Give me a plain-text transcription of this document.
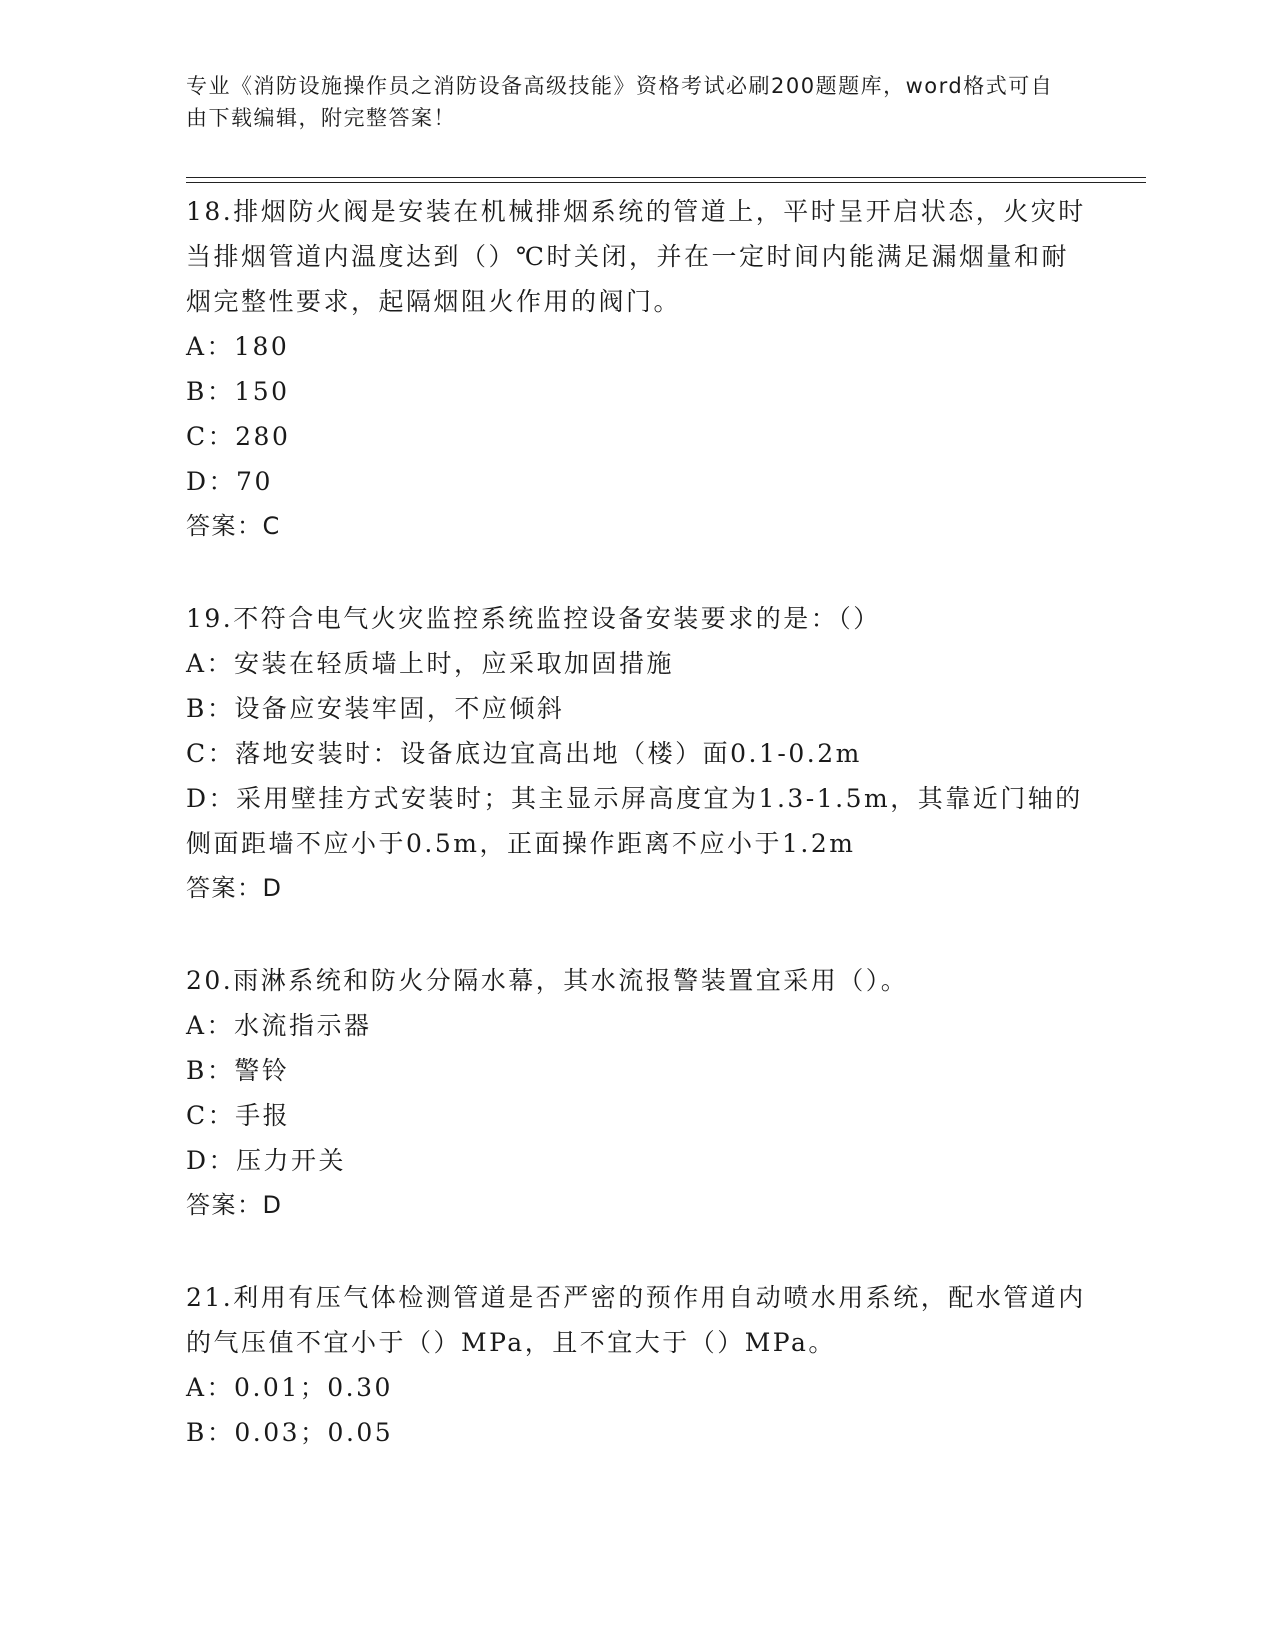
专业《消防设施操作员之消防设备高级技能》资格考试必刷200题题库，word格式可自由下载编辑，附完整答案！

18.排烟防火阀是安装在机械排烟系统的管道上，平时呈开启状态，火灾时当排烟管道内温度达到（）℃时关闭，并在一定时间内能满足漏烟量和耐烟完整性要求，起隔烟阻火作用的阀门。

A：180

B：150

C：280

D：70

答案：C

19.不符合电气火灾监控系统监控设备安装要求的是：（）

A：安装在轻质墙上时，应采取加固措施

B：设备应安装牢固，不应倾斜

C：落地安装时：设备底边宜高出地（楼）面0.1-0.2m

D：采用壁挂方式安装时；其主显示屏高度宜为1.3-1.5m，其靠近门轴的侧面距墙不应小于0.5m，正面操作距离不应小于1.2m

答案：D

20.雨淋系统和防火分隔水幕，其水流报警装置宜采用（）。

A：水流指示器

B：警铃

C：手报

D：压力开关

答案：D

21.利用有压气体检测管道是否严密的预作用自动喷水用系统，配水管道内的气压值不宜小于（）MPa，且不宜大于（）MPa。

A：0.01；0.30

B：0.03；0.05
